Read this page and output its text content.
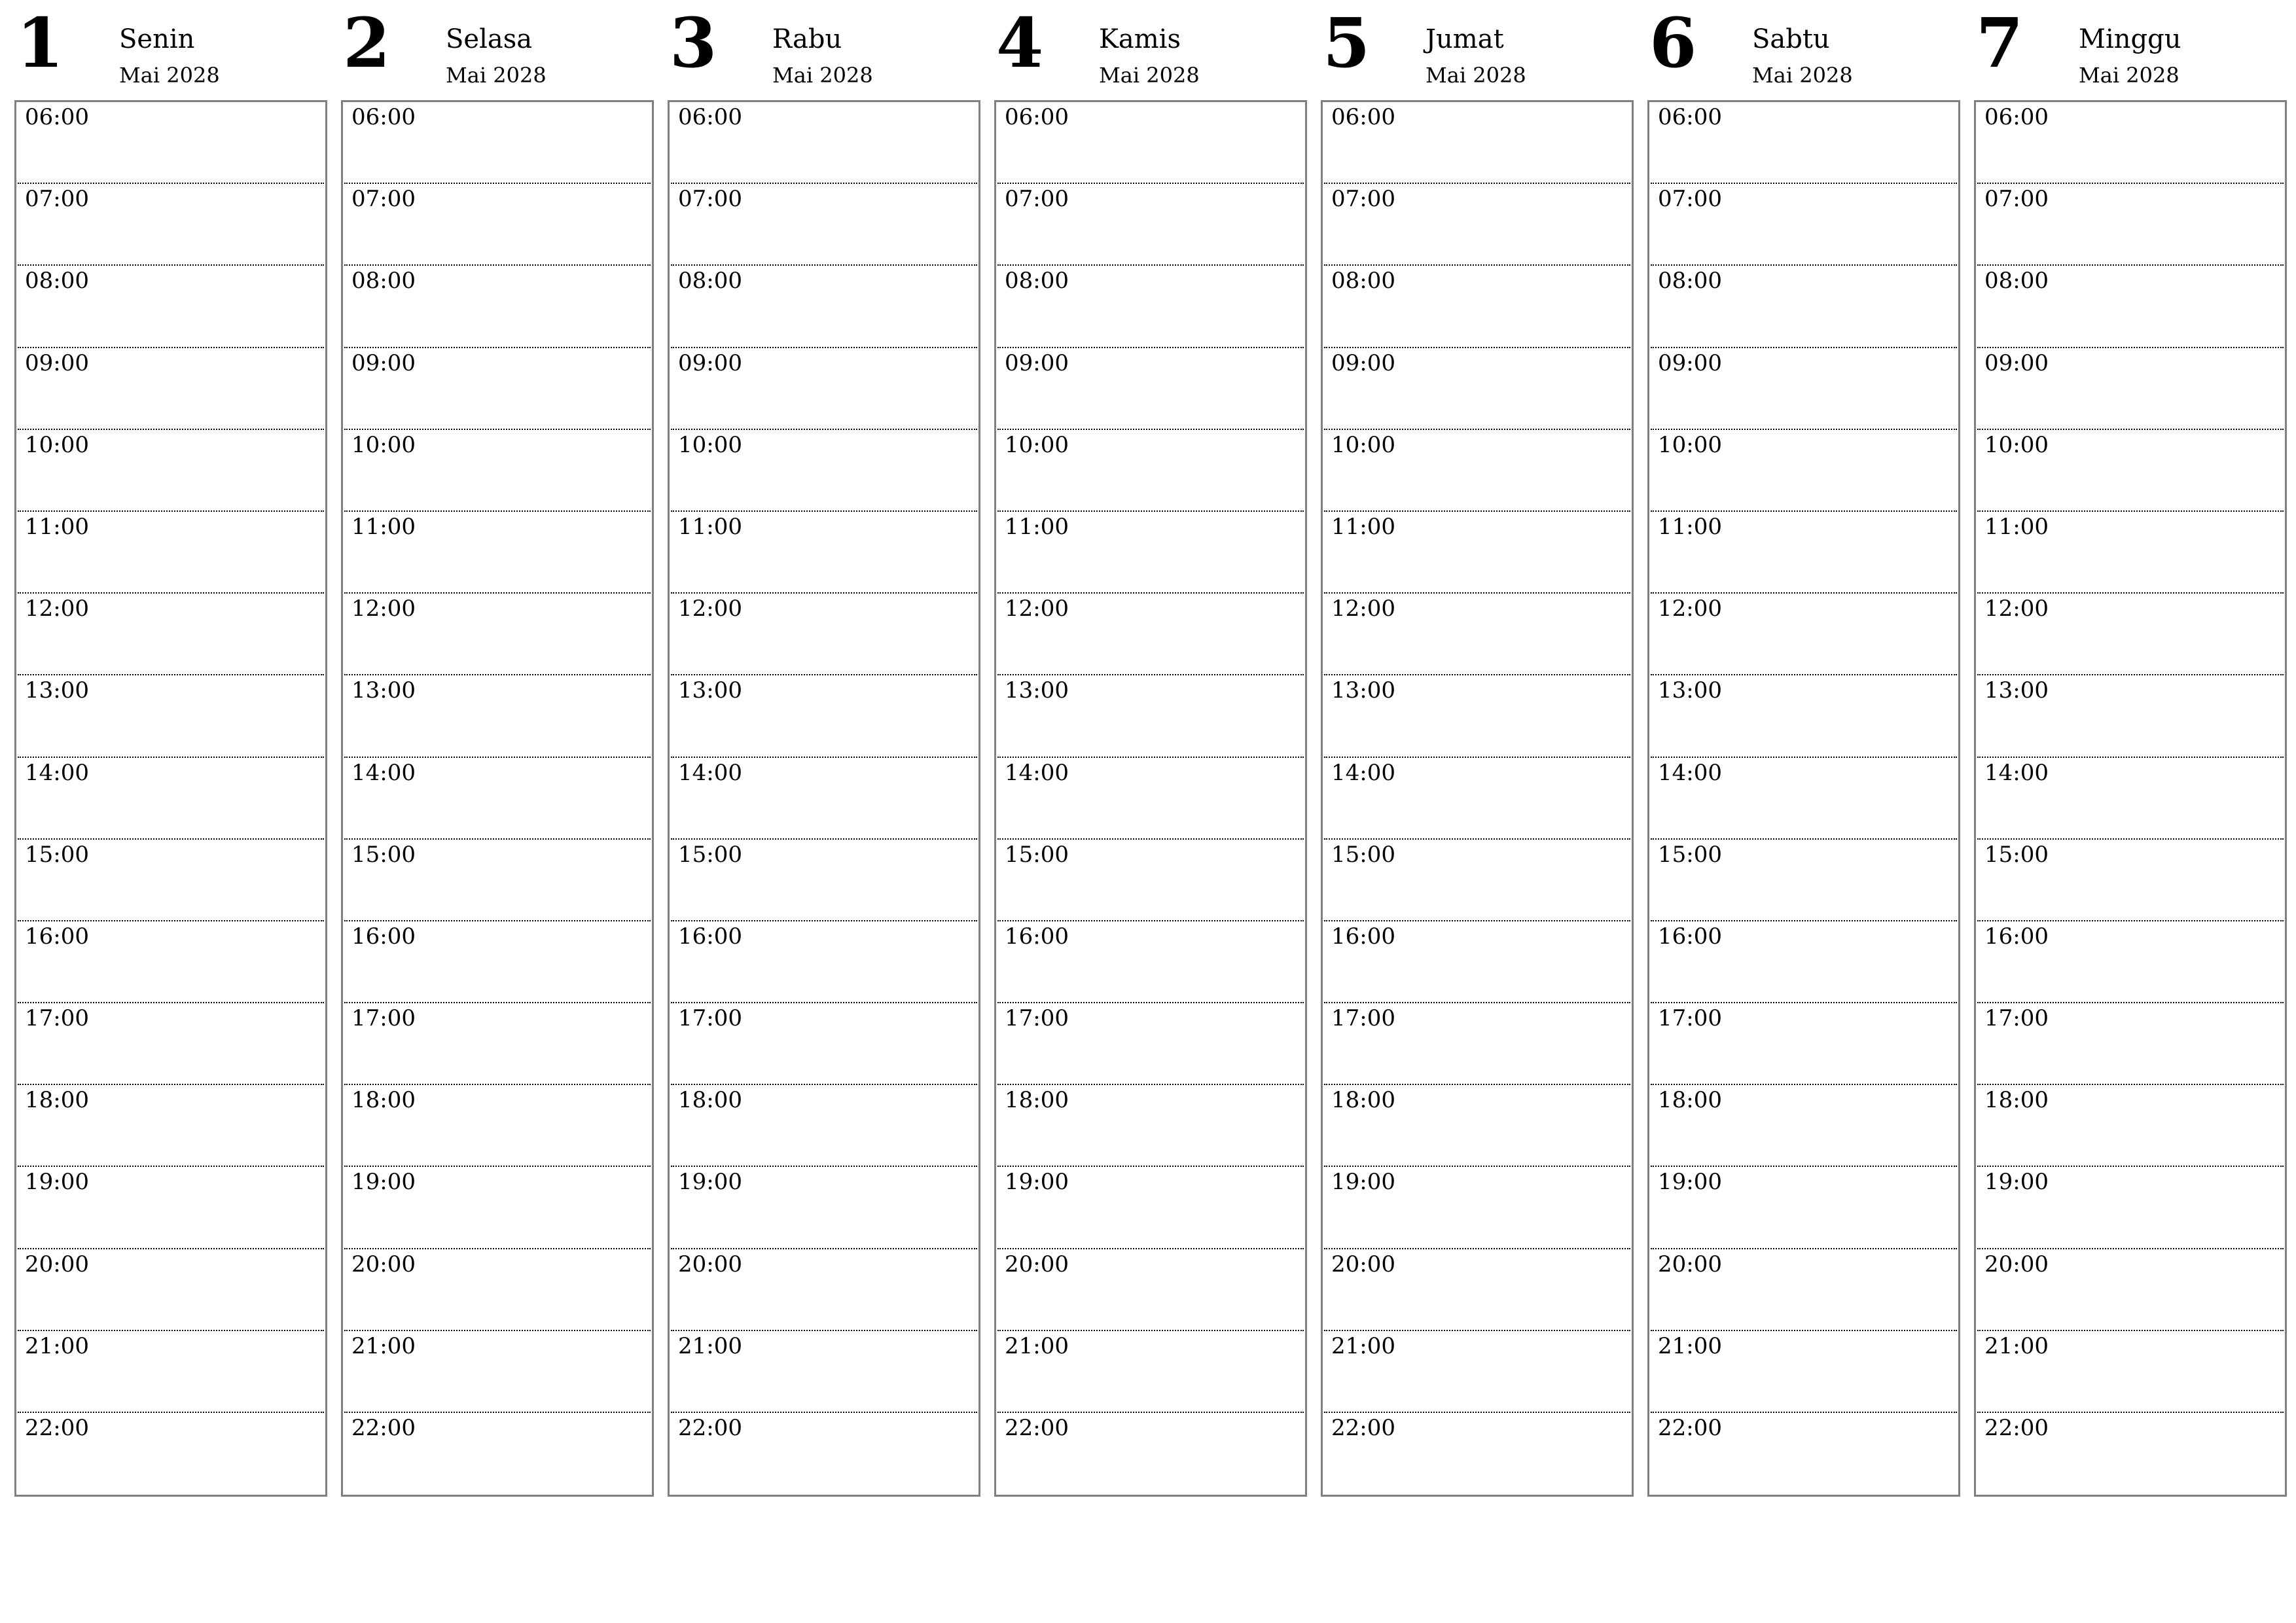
1 Senin
Mai 2028
06:00
07:00
08:00
09:00
10:00
11:00
12:00
13:00
14:00
15:00
16:00
17:00
18:00
19:00
20:00
21:00
22:00
2 Selasa
Mai 2028
06:00
07:00
08:00
09:00
10:00
11:00
12:00
13:00
14:00
15:00
16:00
17:00
18:00
19:00
20:00
21:00
22:00
3 Rabu
Mai 2028
06:00
07:00
08:00
09:00
10:00
11:00
12:00
13:00
14:00
15:00
16:00
17:00
18:00
19:00
20:00
21:00
22:00
4 Kamis
Mai 2028
06:00
07:00
08:00
09:00
10:00
11:00
12:00
13:00
14:00
15:00
16:00
17:00
18:00
19:00
20:00
21:00
22:00
5 Jumat
Mai 2028
06:00
07:00
08:00
09:00
10:00
11:00
12:00
13:00
14:00
15:00
16:00
17:00
18:00
19:00
20:00
21:00
22:00
6 Sabtu
Mai 2028
06:00
07:00
08:00
09:00
10:00
11:00
12:00
13:00
14:00
15:00
16:00
17:00
18:00
19:00
20:00
21:00
22:00
7 Minggu
Mai 2028
06:00
07:00
08:00
09:00
10:00
11:00
12:00
13:00
14:00
15:00
16:00
17:00
18:00
19:00
20:00
21:00
22:00
